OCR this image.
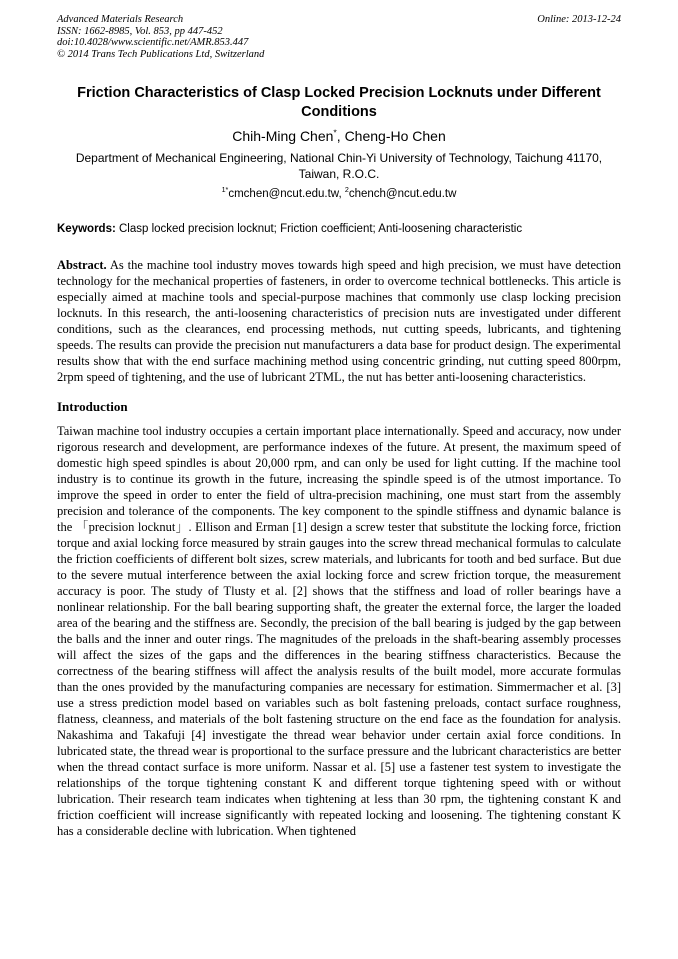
Advanced Materials Research
ISSN: 1662-8985, Vol. 853, pp 447-452
doi:10.4028/www.scientific.net/AMR.853.447
© 2014 Trans Tech Publications Ltd, Switzerland
Online: 2013-12-24
Friction Characteristics of Clasp Locked Precision Locknuts under Different Conditions
Chih-Ming Chen*, Cheng-Ho Chen
Department of Mechanical Engineering, National Chin-Yi University of Technology, Taichung 41170, Taiwan, R.O.C.
$^{1*}$cmchen@ncut.edu.tw, $^2$chench@ncut.edu.tw
Keywords: Clasp locked precision locknut; Friction coefficient; Anti-loosening characteristic

Abstract. As the machine tool industry moves towards high speed and high precision, we must have detection technology for the mechanical properties of fasteners, in order to overcome technical bottlenecks. This article is especially aimed at machine tools and special-purpose machines that commonly use clasp locking precision locknuts. In this research, the anti-loosening characteristics of precision nuts are investigated under different conditions, such as the clearances, end processing methods, nut cutting speeds, lubricants, and tightening speeds. The results can provide the precision nut manufacturers a data base for product design. The experimental results show that with the end surface machining method using concentric grinding, nut cutting speed 800rpm, 2rpm speed of tightening, and the use of lubricant 2TML, the nut has better anti-loosening characteristics.

Introduction

Taiwan machine tool industry occupies a certain important place internationally. Speed and accuracy, now under rigorous research and development, are performance indexes of the future. At present, the maximum speed of domestic high speed spindles is about 20,000 rpm, and can only be used for light cutting. If the machine tool industry is to continue its growth in the future, increasing the spindle speed is of the utmost importance. To improve the speed in order to enter the field of ultra-precision machining, one must start from the assembly precision and tolerance of the components. The key component to the spindle stiffness and dynamic balance is the 「precision locknut」. Ellison and Erman [1] design a screw tester that substitute the locking force, friction torque and axial locking force measured by strain gauges into the screw thread mechanical formulas to calculate the friction coefficients of different bolt sizes, screw materials, and lubricants for tooth and bed surface. But due to the severe mutual interference between the axial locking force and screw friction torque, the measurement accuracy is poor. The study of Tlusty et al. [2] shows that the stiffness and load of roller bearings have a nonlinear relationship. For the ball bearing supporting shaft, the greater the external force, the larger the loaded area of the bearing and the stiffness are. Secondly, the precision of the ball bearing is judged by the gap between the balls and the inner and outer rings. The magnitudes of the preloads in the shaft-bearing assembly processes will affect the sizes of the gaps and the differences in the bearing stiffness characteristics. Because the correctness of the bearing stiffness will affect the analysis results of the built model, more accurate formulas than the ones provided by the manufacturing companies are necessary for estimation. Simmermacher et al. [3] use a stress prediction model based on variables such as bolt fastening preloads, contact surface roughness, flatness, cleanness, and materials of the bolt fastening structure on the end face as the foundation for analysis. Nakashima and Takafuji [4] investigate the thread wear behavior under certain axial force conditions. In lubricated state, the thread wear is proportional to the surface pressure and the lubricant characteristics are better when the thread contact surface is more uniform. Nassar et al. [5] use a fastener test system to investigate the relationships of the torque tightening constant K and different torque tightening speed with or without lubrication. Their research team indicates when tightening at less than 30 rpm, the tightening constant K and friction coefficient will increase significantly with repeated locking and loosening. The tightening constant K has a considerable decline with lubrication. When tightened
